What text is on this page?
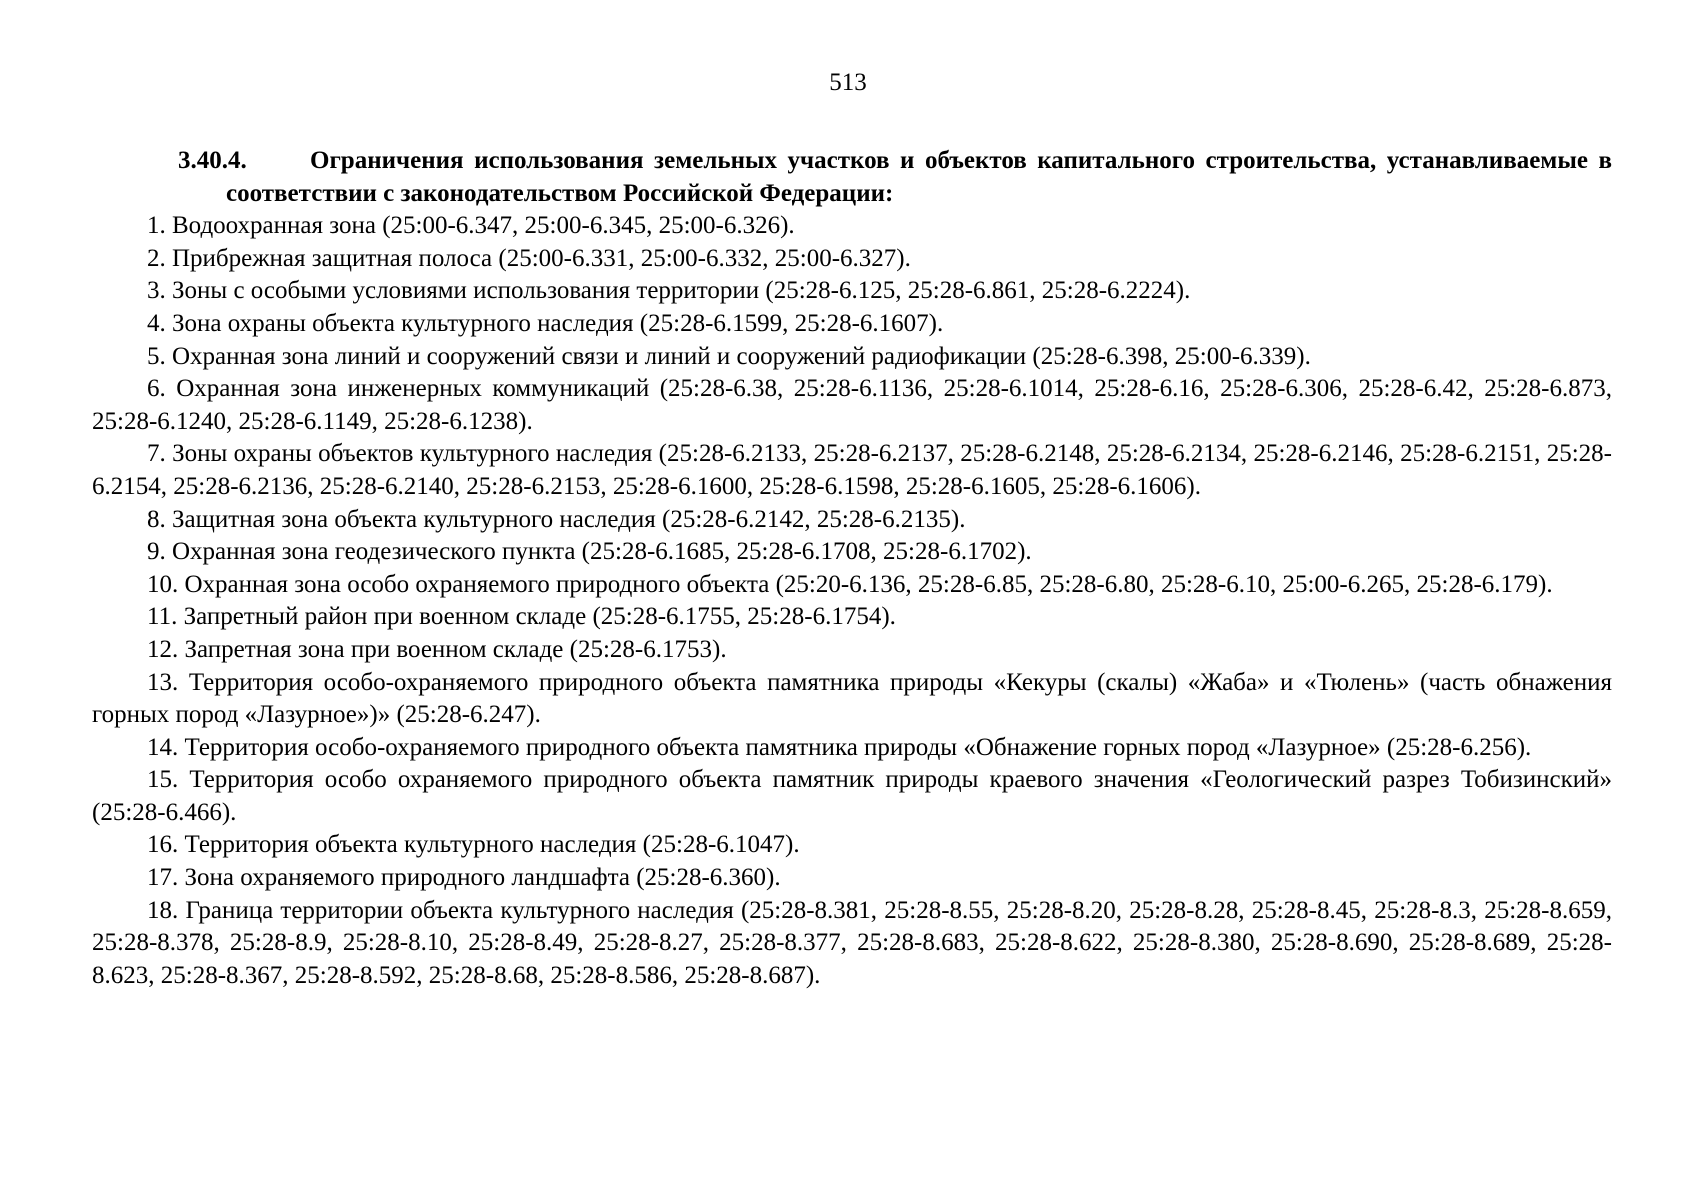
513

3.40.4.	Ограничения использования земельных участков и объектов капитального строительства, устанавливаемые в соответствии с законодательством Российской Федерации:

1. Водоохранная зона (25:00-6.347, 25:00-6.345, 25:00-6.326).

2. Прибрежная защитная полоса (25:00-6.331, 25:00-6.332, 25:00-6.327).

3. Зоны с особыми условиями использования территории (25:28-6.125, 25:28-6.861, 25:28-6.2224).

4. Зона охраны объекта культурного наследия (25:28-6.1599, 25:28-6.1607).

5. Охранная зона линий и сооружений связи и линий и сооружений радиофикации (25:28-6.398, 25:00-6.339).

6. Охранная зона инженерных коммуникаций (25:28-6.38, 25:28-6.1136, 25:28-6.1014, 25:28-6.16, 25:28-6.306, 25:28-6.42, 25:28-6.873, 25:28-6.1240, 25:28-6.1149, 25:28-6.1238).

7. Зоны охраны объектов культурного наследия (25:28-6.2133, 25:28-6.2137, 25:28-6.2148, 25:28-6.2134, 25:28-6.2146, 25:28-6.2151, 25:28-6.2154, 25:28-6.2136, 25:28-6.2140, 25:28-6.2153, 25:28-6.1600, 25:28-6.1598, 25:28-6.1605, 25:28-6.1606).

8. Защитная зона объекта культурного наследия (25:28-6.2142, 25:28-6.2135).

9. Охранная зона геодезического пункта (25:28-6.1685, 25:28-6.1708, 25:28-6.1702).

10. Охранная зона особо охраняемого природного объекта (25:20-6.136, 25:28-6.85, 25:28-6.80, 25:28-6.10, 25:00-6.265, 25:28-6.179).

11. Запретный район при военном складе (25:28-6.1755, 25:28-6.1754).

12. Запретная зона при военном складе (25:28-6.1753).

13. Территория особо-охраняемого природного объекта памятника природы «Кекуры (скалы) «Жаба» и «Тюлень» (часть обнажения горных пород «Лазурное»)» (25:28-6.247).

14. Территория особо-охраняемого природного объекта памятника природы «Обнажение горных пород «Лазурное» (25:28-6.256).

15. Территория особо охраняемого природного объекта памятник природы краевого значения «Геологический разрез Тобизинский» (25:28-6.466).

16. Территория объекта культурного наследия (25:28-6.1047).

17. Зона охраняемого природного ландшафта (25:28-6.360).

18. Граница территории объекта культурного наследия (25:28-8.381, 25:28-8.55, 25:28-8.20, 25:28-8.28, 25:28-8.45, 25:28-8.3, 25:28-8.659, 25:28-8.378, 25:28-8.9, 25:28-8.10, 25:28-8.49, 25:28-8.27, 25:28-8.377, 25:28-8.683, 25:28-8.622, 25:28-8.380, 25:28-8.690, 25:28-8.689, 25:28-8.623, 25:28-8.367, 25:28-8.592, 25:28-8.68, 25:28-8.586, 25:28-8.687).
